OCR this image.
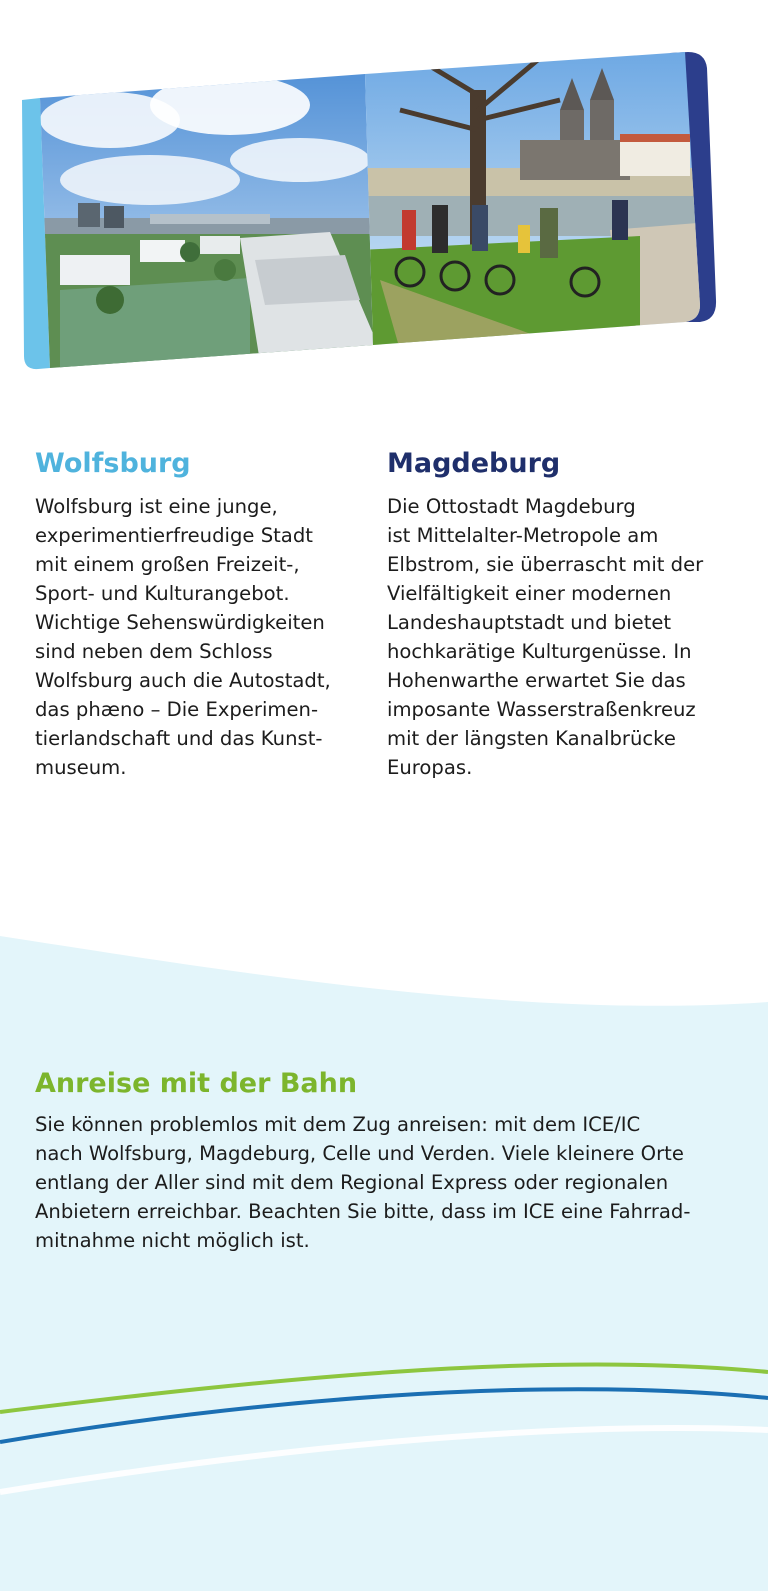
Wolfsburg

Wolfsburg ist eine junge,
experimentierfreudige Stadt
mit einem großen Freizeit-,
Sport- und Kulturangebot.
Wichtige Sehenswürdigkeiten
sind neben dem Schloss
Wolfsburg auch die Autostadt,
das phæno – Die Experimen-
tierlandschaft und das Kunst-
museum.

Magdeburg

Die Ottostadt Magdeburg
ist Mittelalter-Metropole am
Elbstrom, sie überrascht mit der
Vielfältigkeit einer modernen
Landeshauptstadt und bietet
hochkarätige Kulturgenüsse. In
Hohenwarthe erwartet Sie das
imposante Wasserstraßenkreuz
mit der längsten Kanalbrücke
Europas.

Anreise mit der Bahn

Sie können problemlos mit dem Zug anreisen: mit dem ICE/IC
nach Wolfsburg, Magdeburg, Celle und Verden. Viele kleinere Orte
entlang der Aller sind mit dem Regional Express oder regionalen
Anbietern erreichbar. Beachten Sie bitte, dass im ICE eine Fahrrad-
mitnahme nicht möglich ist.
